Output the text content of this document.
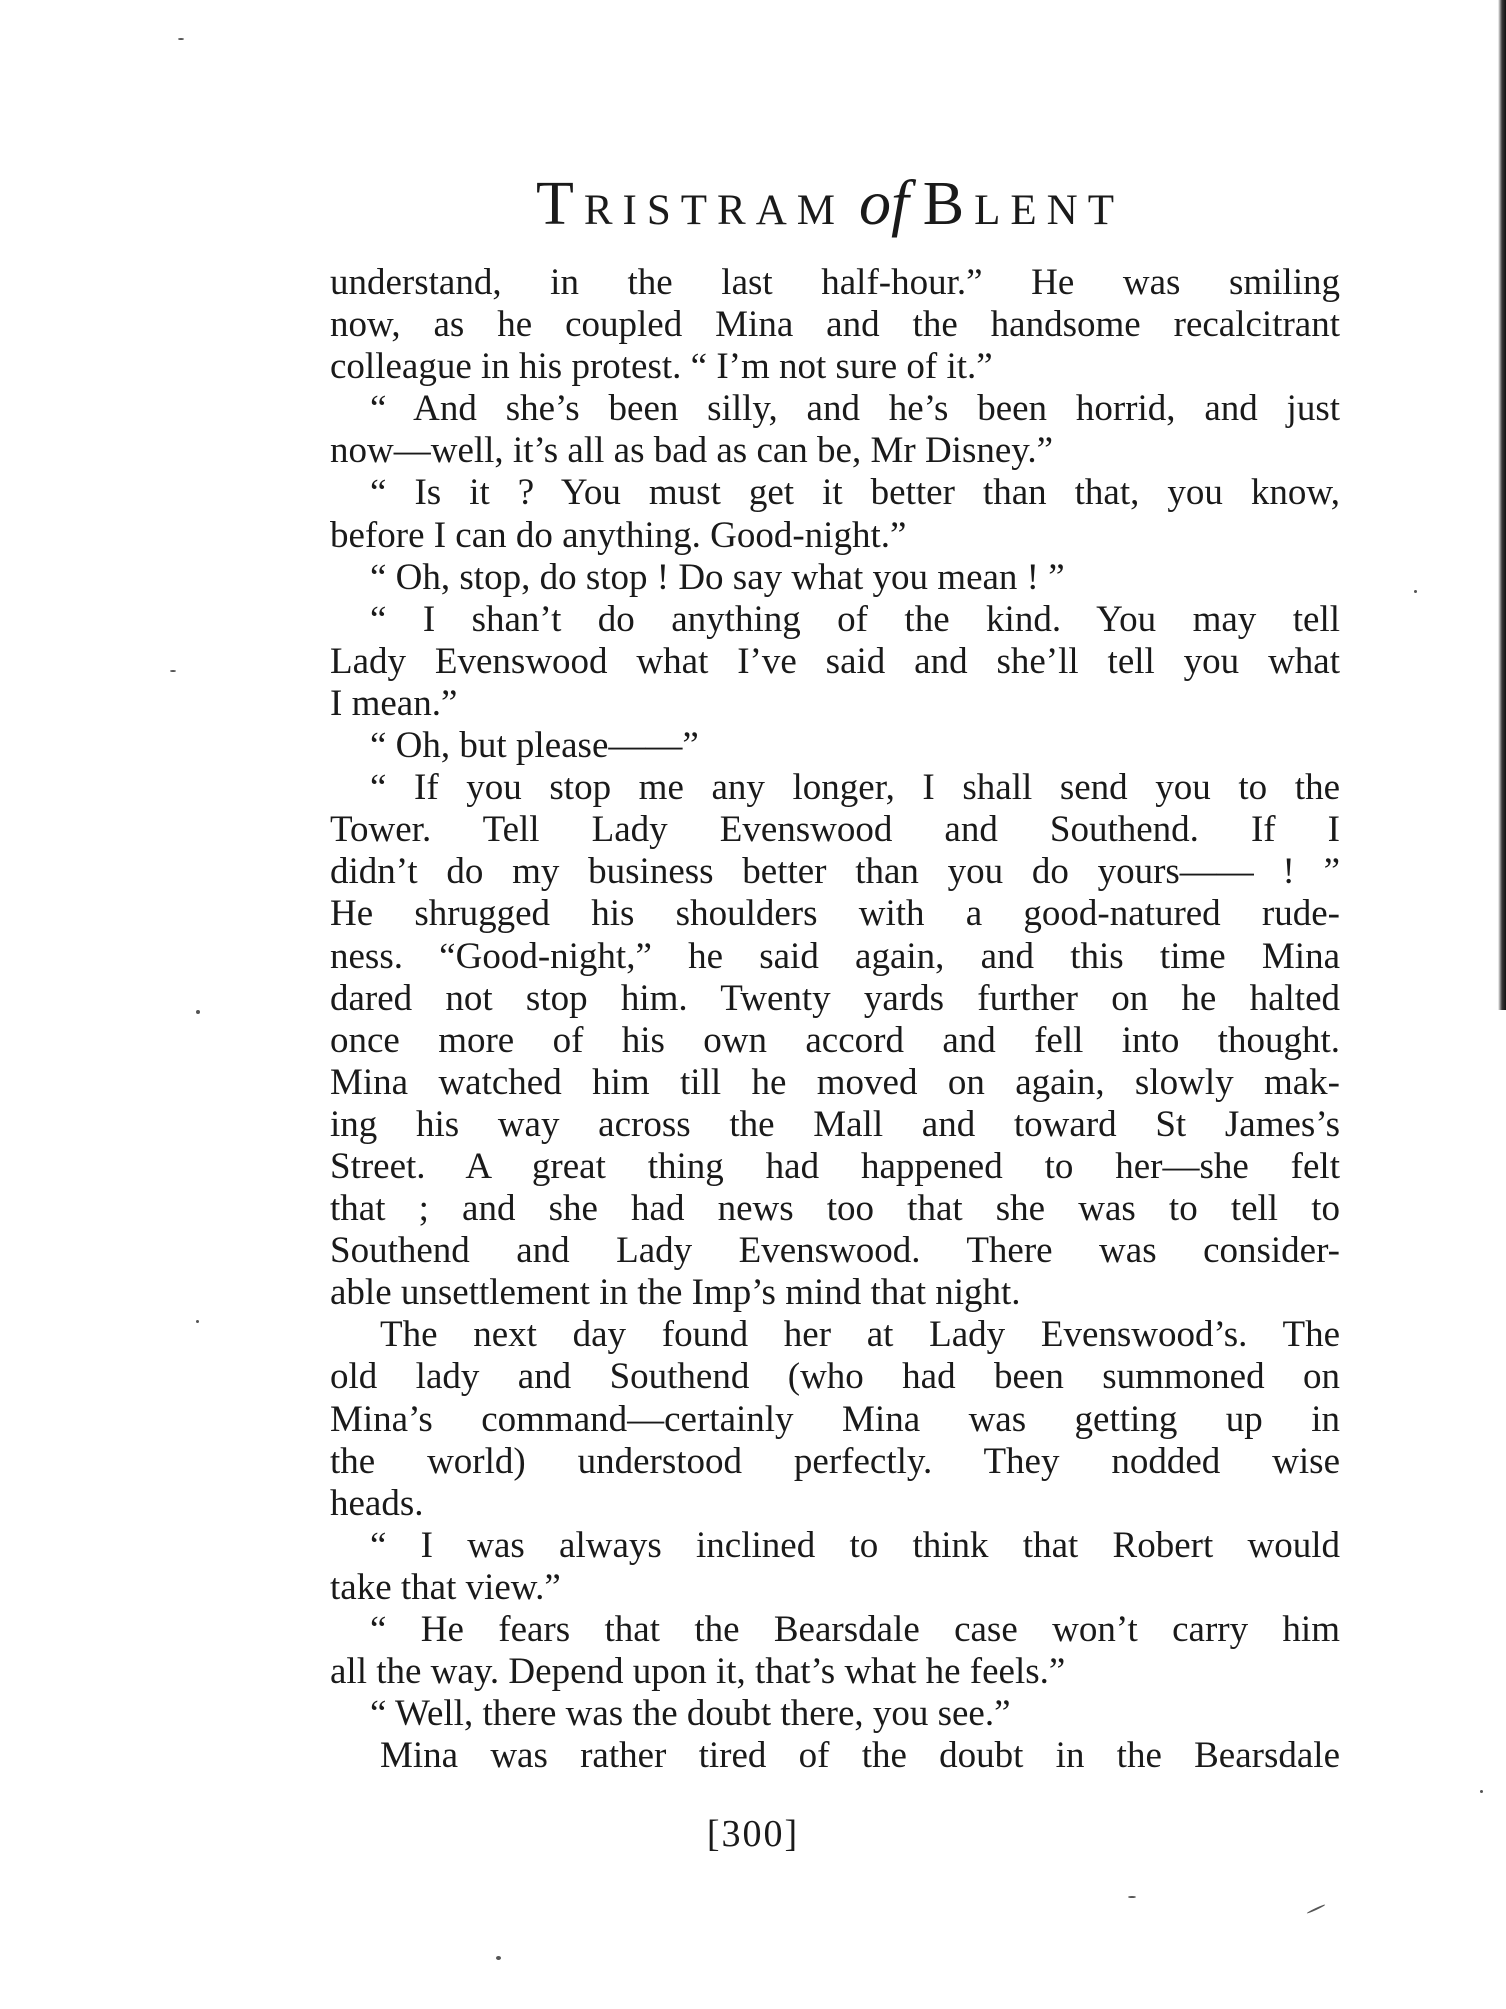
Tristram of Blent
understand, in the last half-hour.” He was smiling
now, as he coupled Mina and the handsome recalcitrant
colleague in his protest. “ I’m not sure of it.”
“ And she’s been silly, and he’s been horrid, and just
now—well, it’s all as bad as can be, Mr Disney.”
“ Is it ? You must get it better than that, you know,
before I can do anything. Good-night.”
“ Oh, stop, do stop ! Do say what you mean ! ”
“ I shan’t do anything of the kind. You may tell
Lady Evenswood what I’ve said and she’ll tell you what
I mean.”
“ Oh, but please——”
“ If you stop me any longer, I shall send you to the
Tower. Tell Lady Evenswood and Southend. If I
didn’t do my business better than you do yours—— ! ”
He shrugged his shoulders with a good-natured rude-
ness. “Good-night,” he said again, and this time Mina
dared not stop him. Twenty yards further on he halted
once more of his own accord and fell into thought.
Mina watched him till he moved on again, slowly mak-
ing his way across the Mall and toward St James’s
Street. A great thing had happened to her—she felt
that ; and she had news too that she was to tell to
Southend and Lady Evenswood. There was consider-
able unsettlement in the Imp’s mind that night.
The next day found her at Lady Evenswood’s. The
old lady and Southend (who had been summoned on
Mina’s command—certainly Mina was getting up in
the world) understood perfectly. They nodded wise
heads.
“ I was always inclined to think that Robert would
take that view.”
“ He fears that the Bearsdale case won’t carry him
all the way. Depend upon it, that’s what he feels.”
“ Well, there was the doubt there, you see.”
Mina was rather tired of the doubt in the Bearsdale
[300]
